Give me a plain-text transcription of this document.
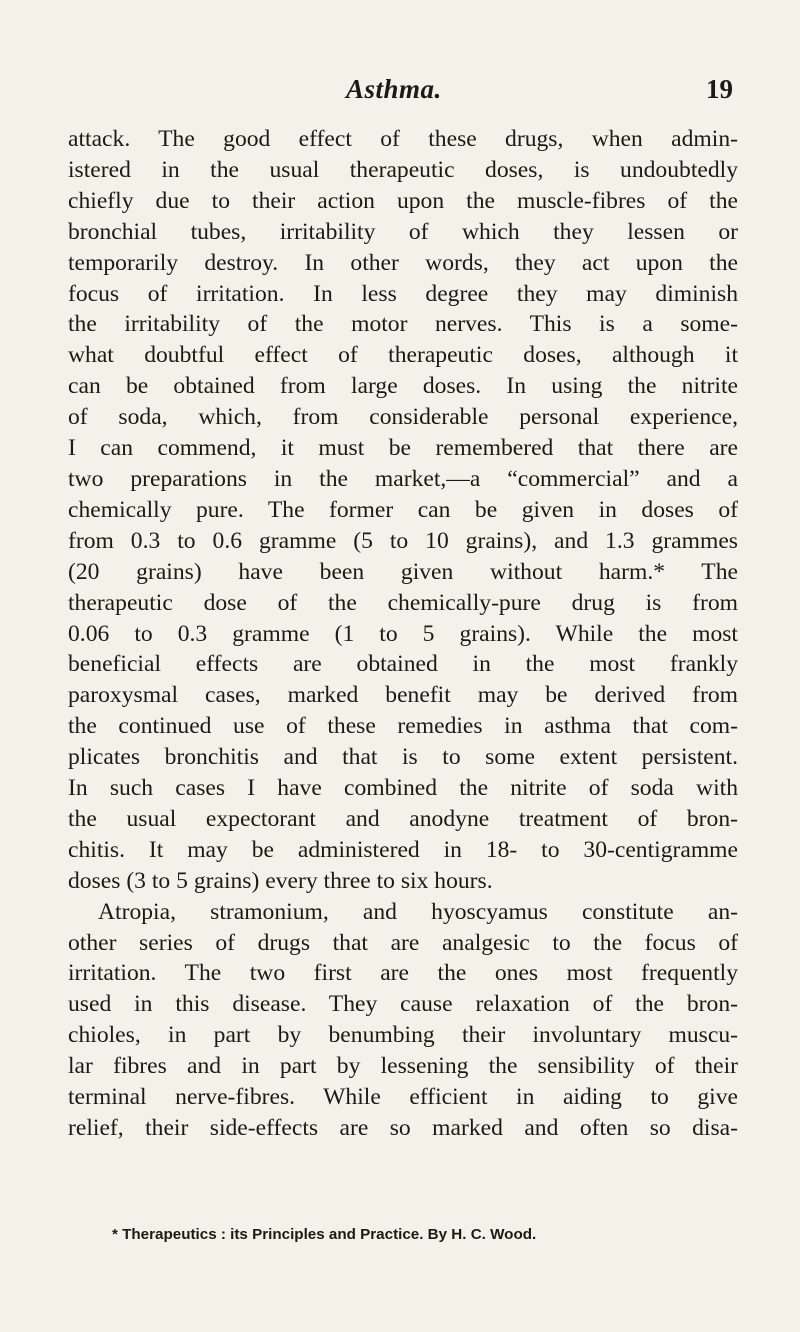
Asthma.	19
attack. The good effect of these drugs, when admin-
istered in the usual therapeutic doses, is undoubtedly
chiefly due to their action upon the muscle-fibres of the
bronchial tubes, irritability of which they lessen or
temporarily destroy. In other words, they act upon the
focus of irritation. In less degree they may diminish
the irritability of the motor nerves. This is a some-
what doubtful effect of therapeutic doses, although it
can be obtained from large doses. In using the nitrite
of soda, which, from considerable personal experience,
I can commend, it must be remembered that there are
two preparations in the market,—a “commercial” and a
chemically pure. The former can be given in doses of
from 0.3 to 0.6 gramme (5 to 10 grains), and 1.3 grammes
(20 grains) have been given without harm.* The
therapeutic dose of the chemically-pure drug is from
0.06 to 0.3 gramme (1 to 5 grains). While the most
beneficial effects are obtained in the most frankly
paroxysmal cases, marked benefit may be derived from
the continued use of these remedies in asthma that com-
plicates bronchitis and that is to some extent persistent.
In such cases I have combined the nitrite of soda with
the usual expectorant and anodyne treatment of bron-
chitis. It may be administered in 18- to 30-centigramme
doses (3 to 5 grains) every three to six hours.
Atropia, stramonium, and hyoscyamus constitute an-
other series of drugs that are analgesic to the focus of
irritation. The two first are the ones most frequently
used in this disease. They cause relaxation of the bron-
chioles, in part by benumbing their involuntary muscu-
lar fibres and in part by lessening the sensibility of their
terminal nerve-fibres. While efficient in aiding to give
relief, their side-effects are so marked and often so disa-
* Therapeutics : its Principles and Practice. By H. C. Wood.
